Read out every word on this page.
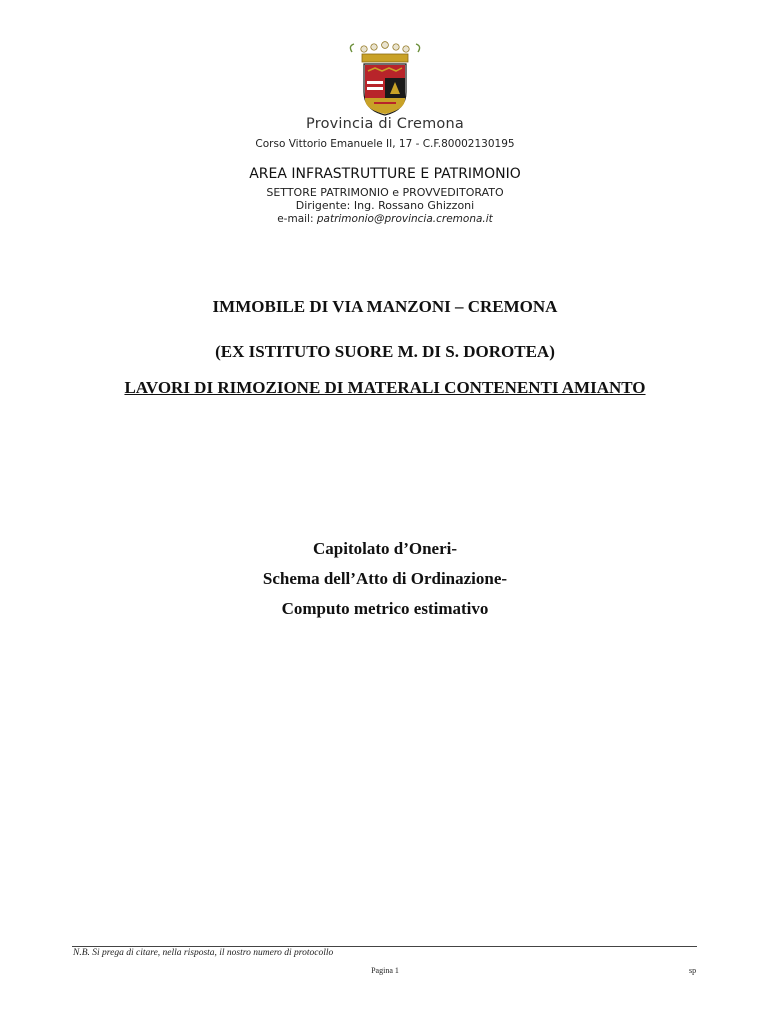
Provincia di Cremona
Corso Vittorio Emanuele II, 17 - C.F.80002130195
AREA INFRASTRUTTURE E PATRIMONIO
SETTORE PATRIMONIO e PROVVEDITORATO
Dirigente: Ing. Rossano Ghizzoni
e-mail: patrimonio@provincia.cremona.it
IMMOBILE DI VIA MANZONI – CREMONA
(EX ISTITUTO SUORE M. DI S. DOROTEA)
LAVORI DI RIMOZIONE DI MATERALI CONTENENTI AMIANTO
Capitolato d’Oneri-
Schema dell’Atto di Ordinazione-
Computo metrico estimativo
N.B. Si prega di citare, nella risposta, il nostro numero di protocollo
Pagina 1	sp
